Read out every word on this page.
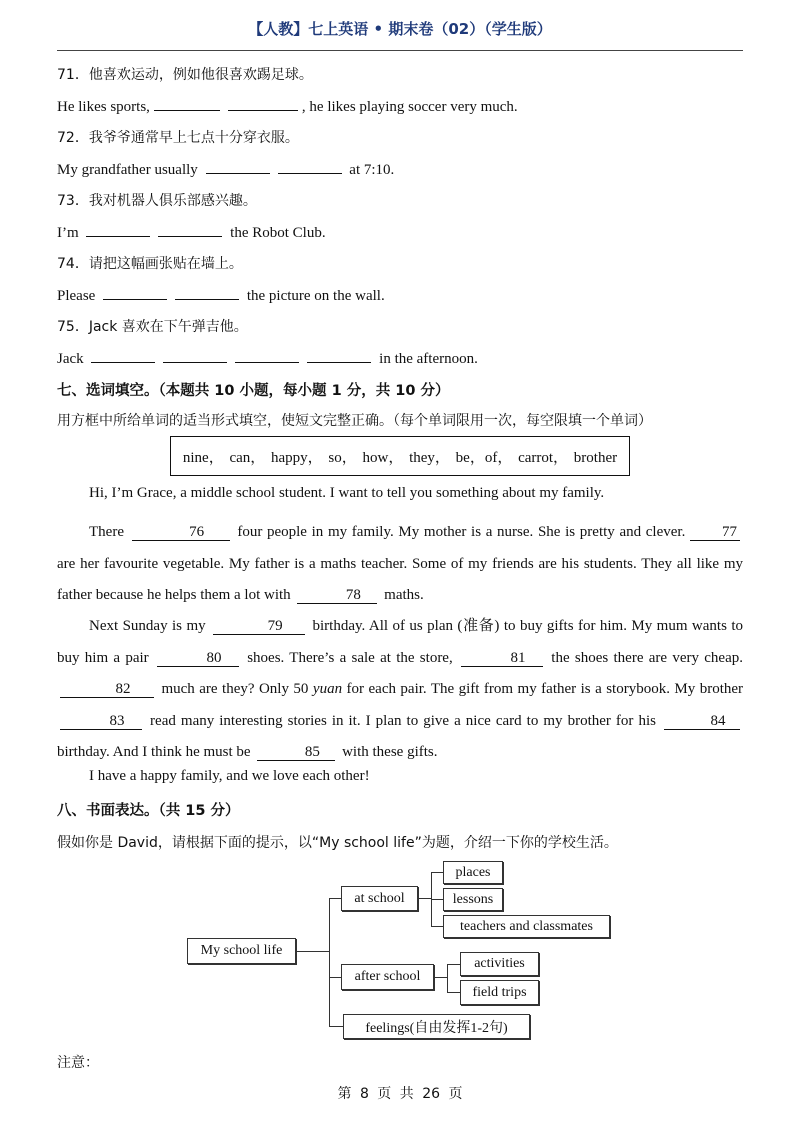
【人教】七上英语 • 期末卷（02）（学生版）
71．他喜欢运动，例如他很喜欢踢足球。
He likes sports,	, he likes playing soccer very much.
72．我爷爷通常早上七点十分穿衣服。
My grandfather usually	at 7:10.
73．我对机器人俱乐部感兴趣。
I’m	the Robot Club.
74．请把这幅画张贴在墙上。
Please	the picture on the wall.
75．Jack 喜欢在下午弹吉他。
Jack	in the afternoon.
七、选词填空。（本题共 10 小题，每小题 1 分，共 10 分）
用方框中所给单词的适当形式填空，使短文完整正确。（每个单词限用一次，每空限填一个单词）
nine， can， happy， so， how， they， be，of， carrot， brother
Hi, I’m Grace, a middle school student. I want to tell you something about my family.
There	76 four people in my family. My mother is a nurse. She is pretty and clever. 77 are her favourite vegetable. My father is a maths teacher. Some of my friends are his students. They all like my father because he helps them a lot with	78 maths.
Next Sunday is my	79 birthday. All of us plan (准备) to buy gifts for him. My mum wants to buy him a pair	80 shoes. There’s a sale at the store,	81 the shoes there are very cheap. 82 much are they? Only 50 yuan for each pair. The gift from my father is a storybook. My brother 83 read many interesting stories in it. I plan to give a nice card to my brother for his	84 birthday. And I think he must be	85 with these gifts.
I have a happy family, and we love each other!
八、书面表达。（共 15 分）
假如你是 David，请根据下面的提示，以“My school life”为题，介绍一下你的学校生活。
My school life
at school
places
lessons
teachers and classmates
after school
activities
field trips
feelings(自由发挥1-2句)
注意：
第 8 页 共 26 页
